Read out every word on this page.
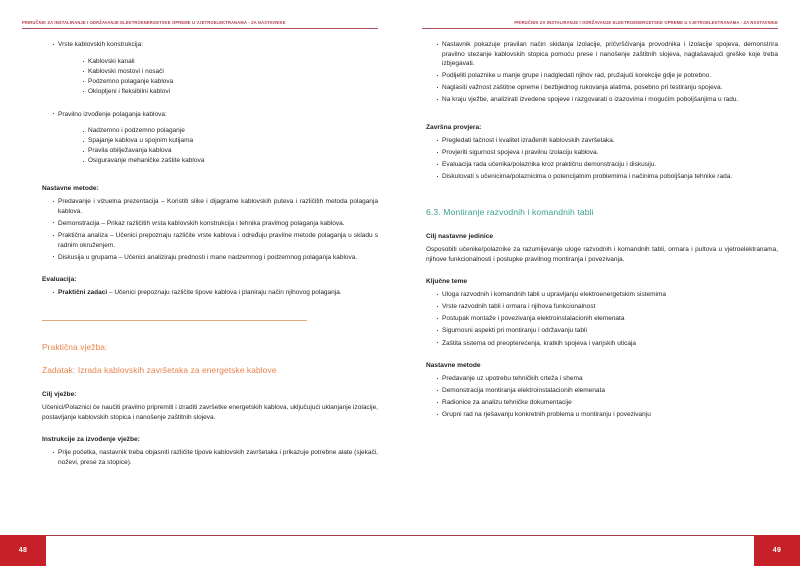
PRIRUČNIK ZA INSTALIRANJE I ODRŽAVANJE ELEKTROENERGETSKE OPREME U VJETROELEKTRANAMA - ZA NASTAVNIKE
· Vrste kablovskih konstrukcija:
· Kablovski kanali
· Kablovski mostovi i nosači
· Podzemno polaganje kablova
· Oklopljeni i fleksibilni kablovi
· Pravilno izvođenje polaganja kablova:
· Nadzemno i podzemno polaganje
· Spajanje kablova u spojnim kutijama
· Pravila obilježavanja kablova
· Osiguravanje mehaničke zaštite kablova
Nastavne metode:
· Predavanje i vizuelna prezentacija – Koristiti slike i dijagrame kablovskih puteva i različitih metoda polaganja kablova.
· Demonstracija – Prikaz različitih vrsta kablovskih konstrukcija i tehnika pravilnog polaganja kablova.
· Praktična analiza – Učenici prepoznaju različite vrste kablova i određuju pravilne metode polaganja u skladu s radnim okruženjem.
· Diskusija u grupama – Učenici analiziraju prednosti i mane nadzemnog i podzemnog polaganja kablova.
Evaluacija:
· Praktični zadaci – Učenici prepoznaju različite tipove kablova i planiraju način njihovog polaganja.
Praktična vježba:
Zadatak: Izrada kablovskih završetaka za energetske kablove
Cilj vježbe:
Učenici/Polaznici će naučiti pravilno pripremiti i izraditi završetke energetskih kablova, uključujući uklanjanje izolacije, postavljanje kablovskih stopica i nanošenje zaštitnih slojeva.
Instrukcije za izvođenje vježbe:
· Prije početka, nastavnik treba objasniti različite tipove kablovskih završetaka i prikazuje potrebne alate (sjekači, noževi, prese za stopice).
48
PRIRUČNIK ZA INSTALIRANJE I ODRŽAVANJE ELEKTROENERGETSKE OPREME U VJETROELEKTRANAMA - ZA NASTAVNIKE
· Nastavnik pokazuje pravilan način skidanja izolacije, pričvršćivanja provodnika i izolacije spojeva, demonstrira pravilno stezanje kablovskih stopica pomoću prese i nanošenje zaštitnih slojeva, naglašavajući greške koje treba izbjegavati.
· Podijeliti polaznike u manje grupe i nadgledati njihov rad, pružajući korekcije gdje je potrebno.
· Naglasiti važnost zaštitne opreme i bezbjednog rukovanja alatima, posebno pri testiranju spojeva.
· Na kraju vježbe, analizirati izvedene spojeve i razgovarati o izazovima i mogućim poboljšanjima u radu.
Završna provjera:
· Pregledati tačnost i kvalitet izrađenih kablovskih završetaka.
· Provjeriti sigurnost spojeva i pravilnu izolaciju kablova.
· Evaluacija rada učenika/polaznika kroz praktičnu demonstraciju i diskusiju.
· Diskutovati s učenicima/polaznicima o potencijalnim problemima i načinima poboljšanja tehnike rada.
6.3. Montiranje razvodnih i komandnih tabli
Cilj nastavne jedinice
Osposobiti učenike/polaznike za razumijevanje uloge razvodnih i komandnih tabli, ormara i pultova u vjetroelektranama, njihove funkcionalnosti i postupke pravilnog montiranja i povezivanja.
Ključne teme
· Uloga razvodnih i komandnih tabli u upravljanju elektroenergetskim sistemima
· Vrste razvodnih tabli i ormara i njihova funkcionalnost
· Postupak montaže i povezivanja elektroinstalacionih elemenata
· Sigurnosni aspekti pri montiranju i održavanju tabli
· Zaštita sistema od preopterećenja, kratkih spojeva i vanjskih uticaja
Nastavne metode
· Predavanje uz upotrebu tehničkih crteža i shema
· Demonstracija montiranja elektroinstalacionih elemenata
· Radionice za analizu tehničke dokumentacije
· Grupni rad na rješavanju konkretnih problema u montiranju i povezivanju
49
